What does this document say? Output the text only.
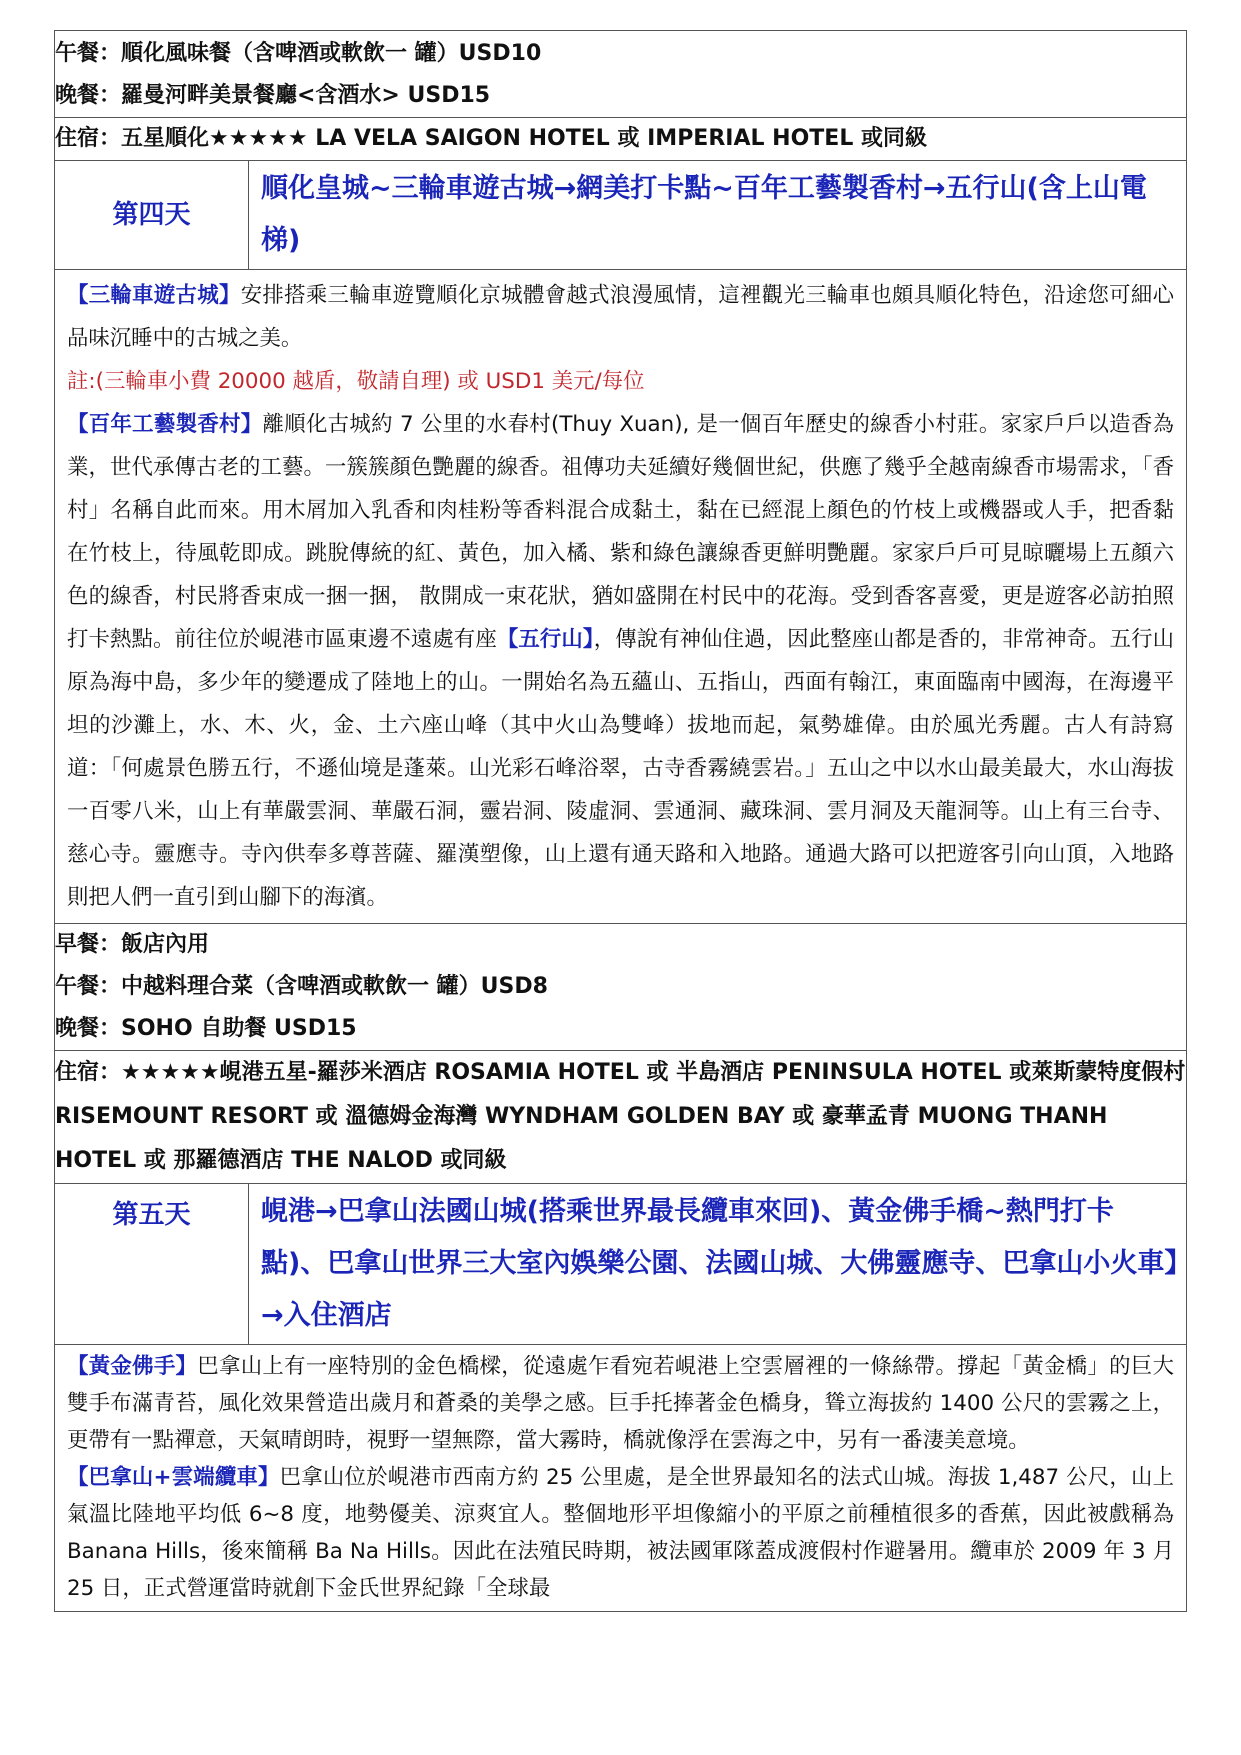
午餐：順化風味餐（含啤酒或軟飲一 罐）USD10
晚餐：羅曼河畔美景餐廳<含酒水> USD15	

住宿：五星順化★★★★★ LA VELA SAIGON HOTEL 或 IMPERIAL HOTEL 或同級	

第四天	順化皇城~三輪車遊古城→網美打卡點~百年工藝製香村→五行山(含上山電梯)

【三輪車遊古城】安排搭乘三輪車遊覽順化京城體會越式浪漫風情，這裡觀光三輪車也頗具順化特色，沿途您可細心品味沉睡中的古城之美。

註:(三輪車小費 20000 越盾，敬請自理) 或 USD1 美元/每位

【百年工藝製香村】離順化古城約 7 公里的水春村(Thuy Xuan), 是一個百年歷史的線香小村莊。家家戶戶以造香為業，世代承傳古老的工藝。一簇簇顏色艷麗的線香。祖傳功夫延續好幾個世紀，供應了幾乎全越南線香市場需求，「香村」名稱自此而來。用木屑加入乳香和肉桂粉等香料混合成黏土，黏在已經混上顏色的竹枝上或機器或人手，把香黏在竹枝上，待風乾即成。跳脫傳統的紅、黃色，加入橘、紫和綠色讓線香更鮮明艷麗。家家戶戶可見晾曬場上五顏六色的線香，村民將香束成一捆一捆， 散開成一束花狀，猶如盛開在村民中的花海。受到香客喜愛，更是遊客必訪拍照打卡熱點。前往位於峴港市區東邊不遠處有座【五行山】，傳說有神仙住過，因此整座山都是香的，非常神奇。五行山原為海中島，多少年的變遷成了陸地上的山。一開始名為五蘊山、五指山，西面有翰江，東面臨南中國海，在海邊平坦的沙灘上，水、木、火，金、土六座山峰（其中火山為雙峰）拔地而起，氣勢雄偉。由於風光秀麗。古人有詩寫道：「何處景色勝五行，不遜仙境是蓬萊。山光彩石峰浴翠，古寺香霧繞雲岩。」五山之中以水山最美最大，水山海拔一百零八米，山上有華嚴雲洞、華嚴石洞，靈岩洞、陵虛洞、雲通洞、藏珠洞、雲月洞及天龍洞等。山上有三台寺、慈心寺。靈應寺。寺內供奉多尊菩薩、羅漢塑像，山上還有通天路和入地路。通過大路可以把遊客引向山頂，入地路則把人們一直引到山腳下的海濱。	

早餐：飯店內用
午餐：中越料理合菜（含啤酒或軟飲一 罐）USD8
晚餐：SOHO 自助餐 USD15	

住宿：★★★★★峴港五星-羅莎米酒店 ROSAMIA HOTEL 或 半島酒店 PENINSULA HOTEL 或萊斯蒙特度假村 RISEMOUNT RESORT 或 溫德姆金海灣 WYNDHAM GOLDEN BAY 或 豪華孟青 MUONG THANH HOTEL 或 那羅德酒店 THE NALOD 或同級	

第五天	峴港→巴拿山法國山城(搭乘世界最長纜車來回)、黃金佛手橋~熱門打卡點)、巴拿山世界三大室內娛樂公園、法國山城、大佛靈應寺、巴拿山小火車】→入住酒店

【黃金佛手】巴拿山上有一座特別的金色橋樑，從遠處乍看宛若峴港上空雲層裡的一條絲帶。撐起「黃金橋」的巨大雙手布滿青苔，風化效果營造出歲月和蒼桑的美學之感。巨手托捧著金色橋身，聳立海拔約 1400 公尺的雲霧之上，更帶有一點禪意，天氣晴朗時，視野一望無際，當大霧時，橋就像浮在雲海之中，另有一番淒美意境。

【巴拿山+雲端纜車】巴拿山位於峴港市西南方約 25 公里處，是全世界最知名的法式山城。海拔 1,487 公尺，山上氣溫比陸地平均低 6~8 度，地勢優美、涼爽宜人。整個地形平坦像縮小的平原之前種植很多的香蕉，因此被戲稱為 Banana Hills，後來簡稱 Ba Na Hills。因此在法殖民時期，被法國軍隊蓋成渡假村作避暑用。纜車於 2009 年 3 月 25 日，正式營運當時就創下金氏世界紀錄「全球最	
